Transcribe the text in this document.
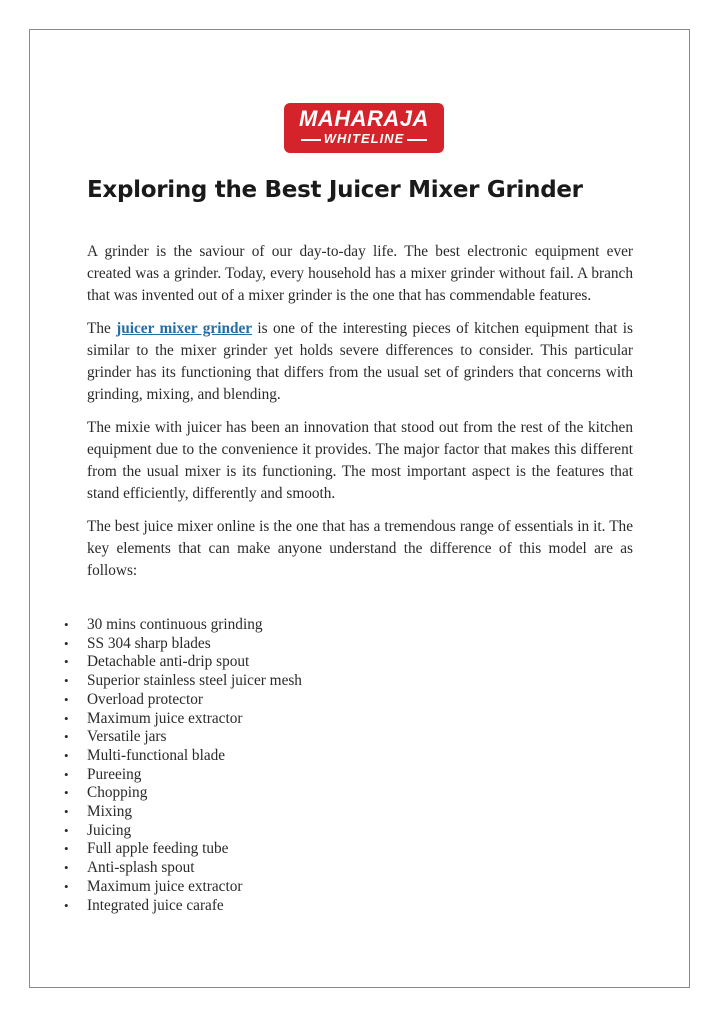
MAHARAJA
WHITELINE
Exploring the Best Juicer Mixer Grinder

A grinder is the saviour of our day-to-day life. The best electronic equipment ever created was a grinder. Today, every household has a mixer grinder without fail. A branch that was invented out of a mixer grinder is the one that has commendable features.

The juicer mixer grinder is one of the interesting pieces of kitchen equipment that is similar to the mixer grinder yet holds severe differences to consider. This particular grinder has its functioning that differs from the usual set of grinders that concerns with grinding, mixing, and blending.

The mixie with juicer has been an innovation that stood out from the rest of the kitchen equipment due to the convenience it provides. The major factor that makes this different from the usual mixer is its functioning. The most important aspect is the features that stand efficiently, differently and smooth.

The best juice mixer online is the one that has a tremendous range of essentials in it. The key elements that can make anyone understand the difference of this model are as follows:

• 30 mins continuous grinding
• SS 304 sharp blades
• Detachable anti-drip spout
• Superior stainless steel juicer mesh
• Overload protector
• Maximum juice extractor
• Versatile jars
• Multi-functional blade
• Pureeing
• Chopping
• Mixing
• Juicing
• Full apple feeding tube
• Anti-splash spout
• Maximum juice extractor
• Integrated juice carafe
